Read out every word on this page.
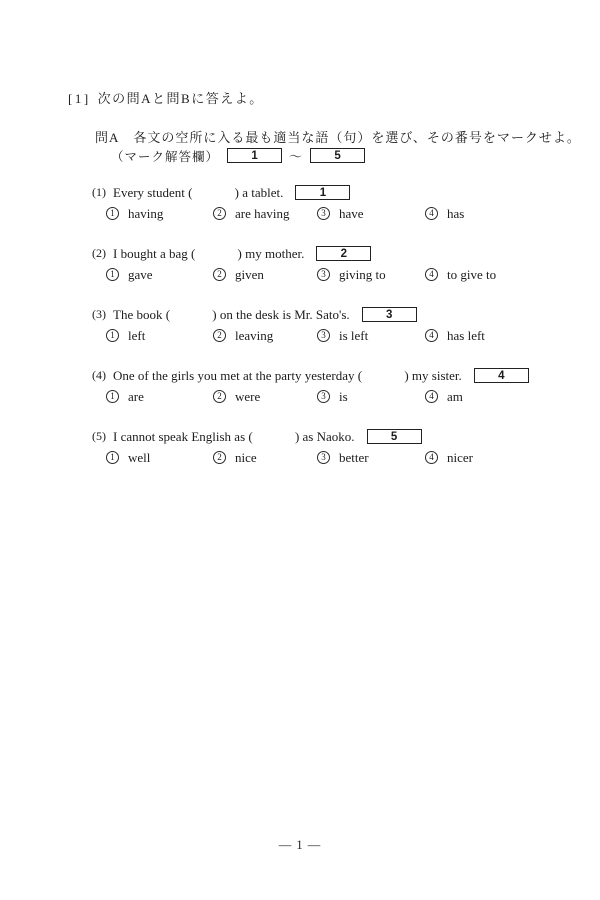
[1] 次の問Aと問Bに答えよ。
問A 各文の空所に入る最も適当な語（句）を選び、その番号をマークせよ。
（マーク解答欄）	1	～	5
(1) Every student (             ) a tablet.	1
1	having	2	are having	3	have	4	has
(2) I bought a bag (             ) my mother.	2
1	gave	2	given	3	giving to	4	to give to
(3) The book (             ) on the desk is Mr. Sato's.	3
1	left	2	leaving	3	is left	4	has left
(4) One of the girls you met at the party yesterday (             ) my sister.	4
1	are	2	were	3	is	4	am
(5) I cannot speak English as (             ) as Naoko.	5
1	well	2	nice	3	better	4	nicer
— 1 —
